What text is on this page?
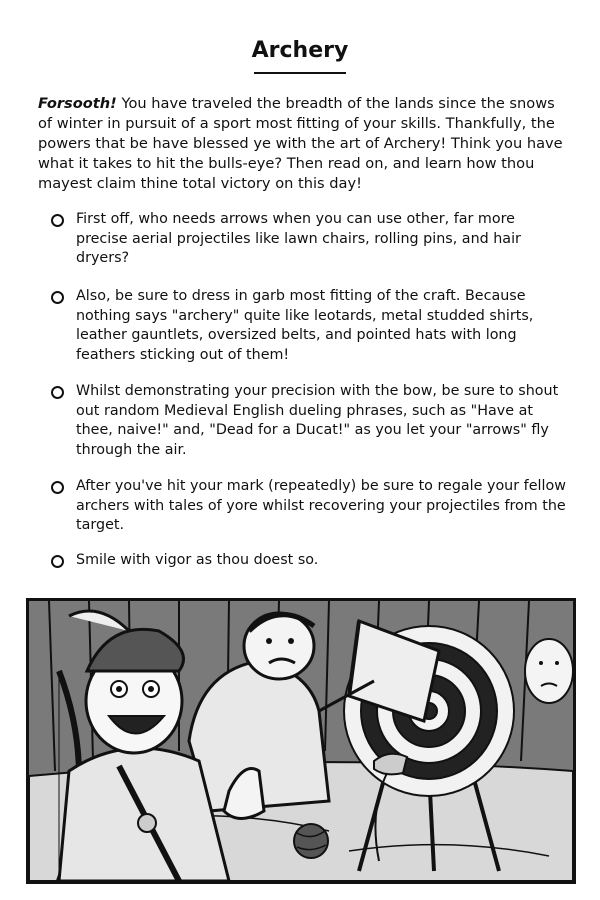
Archery

Forsooth! You have traveled the breadth of the lands since the snows of winter in pursuit of a sport most fitting of your skills. Thankfully, the powers that be have blessed ye with the art of Archery! Think you have what it takes to hit the bulls-eye? Then read on, and learn how thou mayest claim thine total victory on this day!

First off, who needs arrows when you can use other, far more precise aerial projectiles like lawn chairs, rolling pins, and hair dryers?
Also, be sure to dress in garb most fitting of the craft. Because nothing says "archery" quite like leotards, metal studded shirts, leather gauntlets, oversized belts, and pointed hats with long feathers sticking out of them!
Whilst demonstrating your precision with the bow, be sure to shout out random Medieval English dueling phrases, such as "Have at thee, naive!" and, "Dead for a Ducat!" as you let your "arrows" fly through the air.
After you've hit your mark (repeatedly) be sure to regale your fellow archers with tales of yore whilst recovering your projectiles from the target.
Smile with vigor as thou doest so.
